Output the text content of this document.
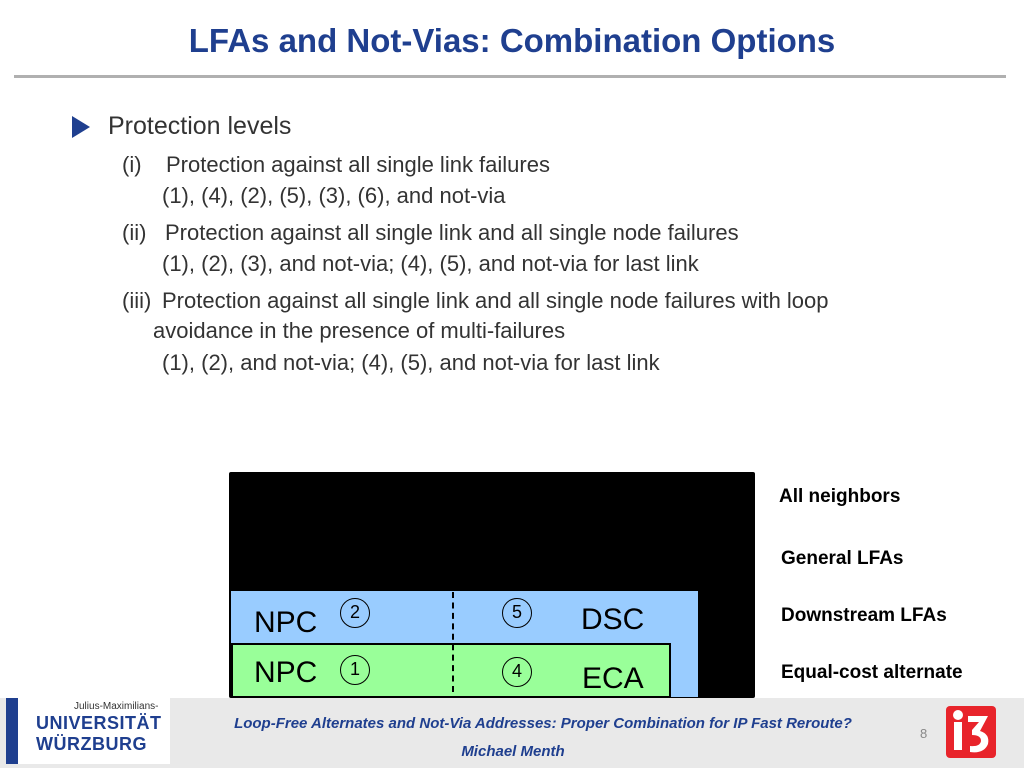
LFAs and Not-Vias: Combination Options
Protection levels
(i) Protection against all single link failures
(1), (4), (2), (5), (3), (6), and not-via
(ii) Protection against all single link and all single node failures
(1), (2), (3), and not-via; (4), (5), and not-via for last link
(iii) Protection against all single link and all single node failures with loop
avoidance in the presence of multi-failures
(1), (2), and not-via; (4), (5), and not-via for last link
NPC	2	5	DSC
NPC	1	4	ECA
All neighbors
General LFAs
Downstream LFAs
Equal-cost alternate
Julius-Maximilians-
UNIVERSITÄT
WÜRZBURG
Loop-Free Alternates and Not-Via Addresses: Proper Combination for IP Fast Reroute?
Michael Menth
8
